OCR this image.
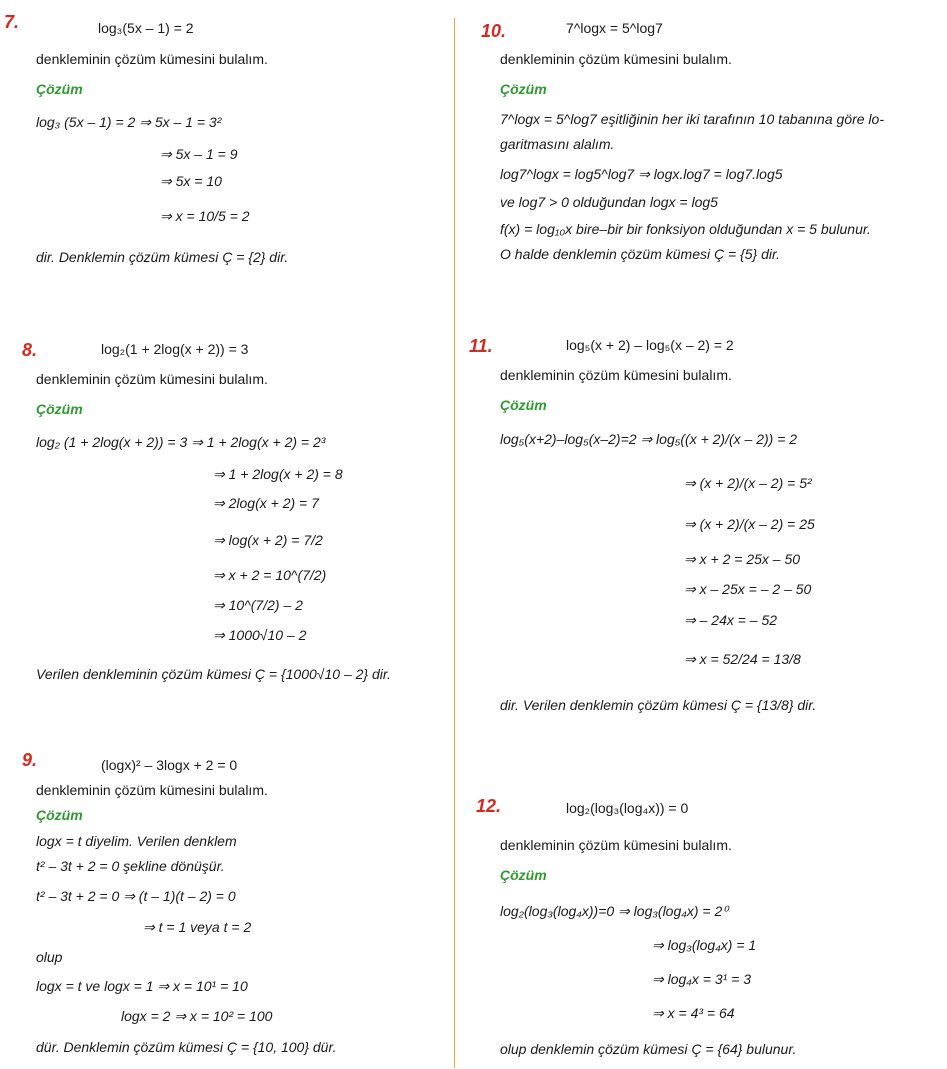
7.	log₃(5x – 1) = 2
denkleminin çözüm kümesini bulalım.
Çözüm
log₃ (5x – 1) = 2 ⇒ 5x – 1 = 3²
⇒ 5x – 1 = 9
⇒ 5x = 10
⇒ x = 10/5 = 2
dir. Denklemin çözüm kümesi Ç = {2} dir.
8.	log₂(1 + 2log(x + 2)) = 3
denkleminin çözüm kümesini bulalım.
Çözüm
log₂ (1 + 2log(x + 2)) = 3 ⇒ 1 + 2log(x + 2) = 2³
⇒ 1 + 2log(x + 2) = 8
⇒ 2log(x + 2) = 7
⇒ log(x + 2) = 7/2
⇒ x + 2 = 10^(7/2)
⇒ 10^(7/2) – 2
⇒ 1000√10 – 2
Verilen denkleminin çözüm kümesi Ç = {1000√10 – 2} dir.
9.	(logx)² – 3logx + 2 = 0
denkleminin çözüm kümesini bulalım.
Çözüm
logx = t diyelim. Verilen denklem
t² – 3t + 2 = 0 şekline dönüşür.
t² – 3t + 2 = 0 ⇒ (t – 1)(t – 2) = 0
⇒ t = 1 veya t = 2
olup
logx = t ve logx = 1 ⇒ x = 10¹ = 10
logx = 2 ⇒ x = 10² = 100
dür. Denklemin çözüm kümesi Ç = {10, 100} dür.
10.	7^logx = 5^log7
denkleminin çözüm kümesini bulalım.
Çözüm
7^logx = 5^log7 eşitliğinin her iki tarafının 10 tabanına göre lo-
garitmasını alalım.
log7^logx = log5^log7 ⇒ logx.log7 = log7.log5
ve log7 > 0 olduğundan logx = log5
f(x) = log₁₀x bire–bir bir fonksiyon olduğundan x = 5 bulunur.
O halde denklemin çözüm kümesi Ç = {5} dir.
11.	log₅(x + 2) – log₅(x – 2) = 2
denkleminin çözüm kümesini bulalım.
Çözüm
log₅(x+2)–log₅(x–2)=2 ⇒ log₅((x + 2)/(x – 2)) = 2
⇒ (x + 2)/(x – 2) = 5²
⇒ (x + 2)/(x – 2) = 25
⇒ x + 2 = 25x – 50
⇒ x – 25x = – 2 – 50
⇒ – 24x = – 52
⇒ x = 52/24 = 13/8
dir. Verilen denklemin çözüm kümesi Ç = {13/8} dir.
12.	log₂(log₃(log₄x)) = 0
denkleminin çözüm kümesini bulalım.
Çözüm
log₂(log₃(log₄x))=0 ⇒ log₃(log₄x) = 2⁰
⇒ log₃(log₄x) = 1
⇒ log₄x = 3¹ = 3
⇒ x = 4³ = 64
olup denklemin çözüm kümesi Ç = {64} bulunur.
